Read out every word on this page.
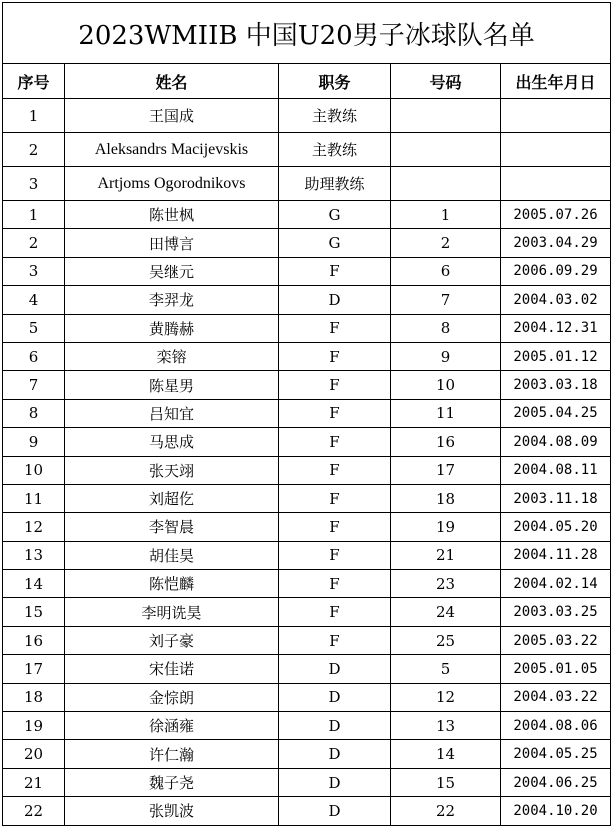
2023WMIIB 中国U20男子冰球队名单				
序号	姓名	职务	号码	出生年月日
1	王国成	主教练		
2	Aleksandrs Macijevskis	主教练		
3	Artjoms Ogorodnikovs	助理教练		
1	陈世枫	G	1	2005.07.26
2	田博言	G	2	2003.04.29
3	吴继元	F	6	2006.09.29
4	李羿龙	D	7	2004.03.02
5	黄腾赫	F	8	2004.12.31
6	栾镕	F	9	2005.01.12
7	陈星男	F	10	2003.03.18
8	吕知宜	F	11	2005.04.25
9	马思成	F	16	2004.08.09
10	张天翊	F	17	2004.08.11
11	刘超仡	F	18	2003.11.18
12	李智晨	F	19	2004.05.20
13	胡佳昊	F	21	2004.11.28
14	陈恺麟	F	23	2004.02.14
15	李明诜昊	F	24	2003.03.25
16	刘子豪	F	25	2005.03.22
17	宋佳诺	D	5	2005.01.05
18	金悰朗	D	12	2004.03.22
19	徐涵雍	D	13	2004.08.06
20	许仁瀚	D	14	2004.05.25
21	魏子尧	D	15	2004.06.25
22	张凯波	D	22	2004.10.20
